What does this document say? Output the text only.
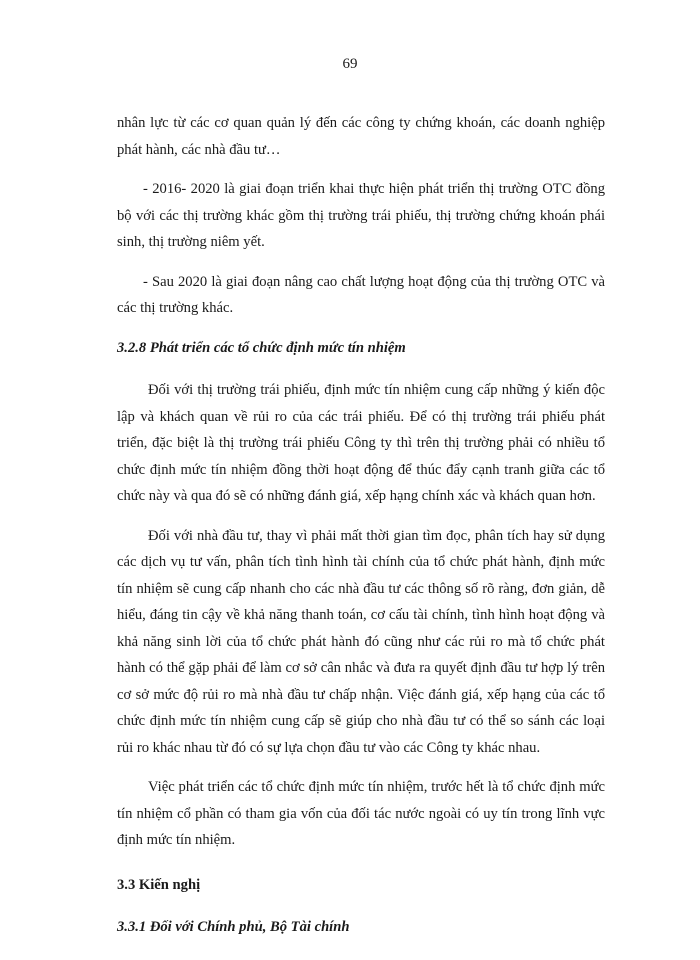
69

nhân lực từ các cơ quan quản lý đến các công ty chứng khoán, các doanh nghiệp phát hành, các nhà đầu tư…

- 2016- 2020 là giai đoạn triển khai thực hiện phát triển thị trường OTC đồng bộ với các thị trường khác gồm thị trường trái phiếu, thị trường chứng khoán phái sinh, thị trường niêm yết.

- Sau 2020 là giai đoạn nâng cao chất lượng hoạt động của thị trường OTC và các thị trường khác.

3.2.8 Phát triển các tổ chức định mức tín nhiệm

Đối với thị trường trái phiếu, định mức tín nhiệm cung cấp những ý kiến độc lập và khách quan về rủi ro của các trái phiếu. Để có thị trường trái phiếu phát triển, đặc biệt là thị trường trái phiếu Công ty thì trên thị trường phải có nhiều tổ chức định mức tín nhiệm đồng thời hoạt động để thúc đẩy cạnh tranh giữa các tổ chức này và qua đó sẽ có những đánh giá, xếp hạng chính xác và khách quan hơn.

Đối với nhà đầu tư, thay vì phải mất thời gian tìm đọc, phân tích hay sử dụng các dịch vụ tư vấn, phân tích tình hình tài chính của tổ chức phát hành, định mức tín nhiệm sẽ cung cấp nhanh cho các nhà đầu tư các thông số rõ ràng, đơn giản, dễ hiểu, đáng tin cậy về khả năng thanh toán, cơ cấu tài chính, tình hình hoạt động và khả năng sinh lời của tổ chức phát hành đó cũng như các rủi ro mà tổ chức phát hành có thể gặp phải để làm cơ sở cân nhắc và đưa ra quyết định đầu tư hợp lý trên cơ sở mức độ rủi ro mà nhà đầu tư chấp nhận. Việc đánh giá, xếp hạng của các tổ chức định mức tín nhiệm cung cấp sẽ giúp cho nhà đầu tư có thể so sánh các loại rủi ro khác nhau từ đó có sự lựa chọn đầu tư vào các Công ty khác nhau.

Việc phát triển các tổ chức định mức tín nhiệm, trước hết là tổ chức định mức tín nhiệm cổ phần có tham gia vốn của đối tác nước ngoài có uy tín trong lĩnh vực định mức tín nhiệm.

3.3 Kiến nghị
3.3.1 Đối với Chính phủ, Bộ Tài chính
